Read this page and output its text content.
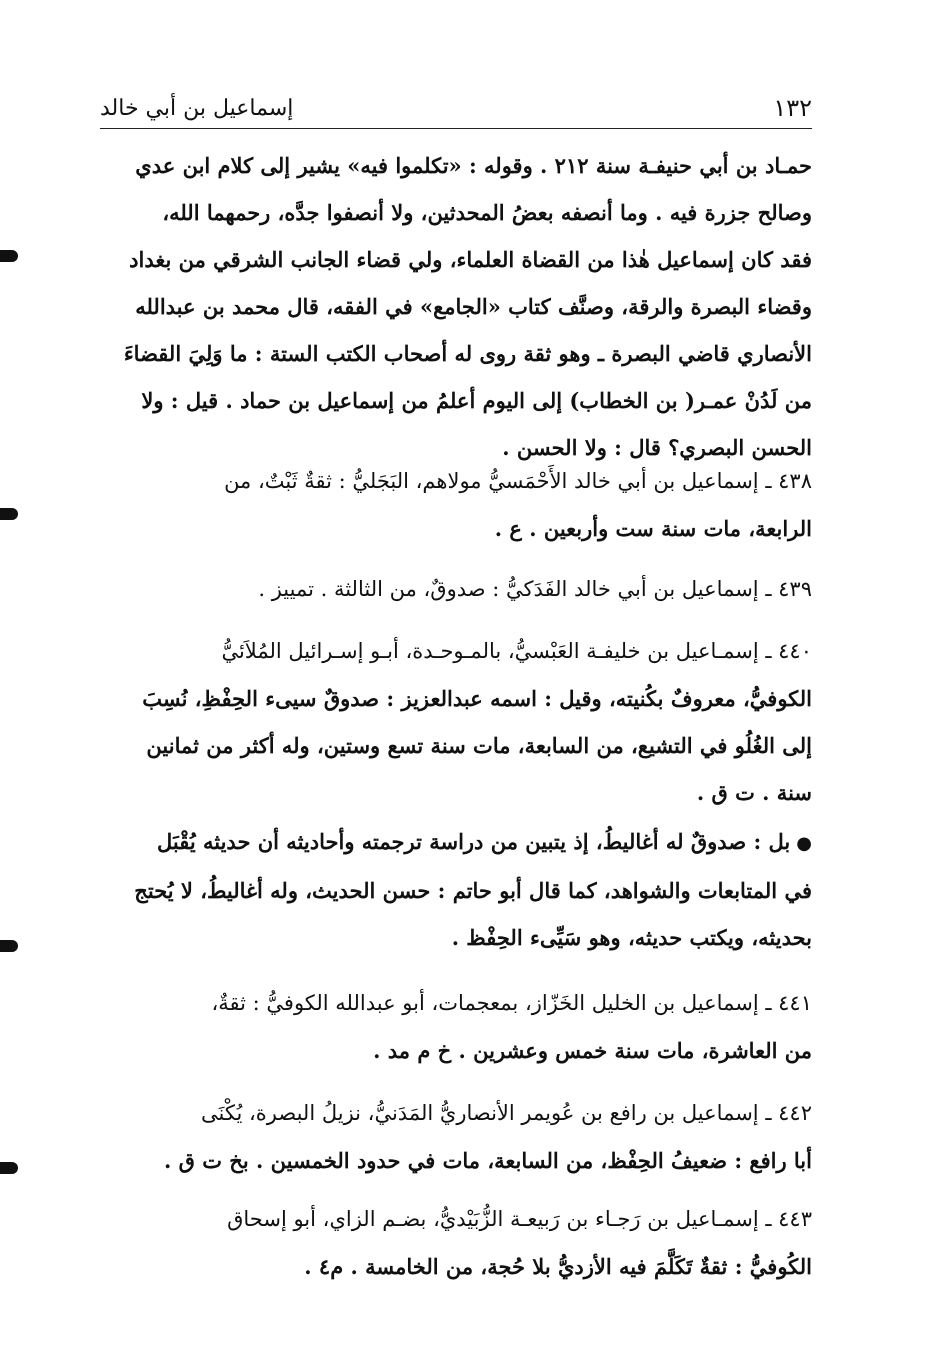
١٣٢
إسماعيل بن أبي خالد
حمـاد بن أبي حنيفـة سنة ٢١٢ . وقوله : «تكلموا فيه» يشير إلى كلام ابن عدي
وصالح جزرة فيه . وما أنصفه بعضُ المحدثين، ولا أنصفوا جدَّه، رحمهما الله،
فقد كان إسماعيل هٰذا من القضاة العلماء، ولي قضاء الجانب الشرقي من بغداد
وقضاء البصرة والرقة، وصنَّف كتاب «الجامع» في الفقه، قال محمد بن عبدالله
الأنصاري قاضي البصرة ـ وهو ثقة روى له أصحاب الكتب الستة : ما وَلِيَ القضاءَ
من لَدُنْ عمـر( بن الخطاب) إلى اليوم أعلمُ من إسماعيل بن حماد . قيل : ولا
الحسن البصري؟ قال : ولا الحسن .
٤٣٨ ـ إسماعيل بن أبي خالد الأَحْمَسيُّ مولاهم، البَجَليُّ : ثقةٌ ثَبْتٌ، من
الرابعة، مات سنة ست وأربعين . ع .
٤٣٩ ـ إسماعيل بن أبي خالد الفَدَكيُّ : صدوقٌ، من الثالثة . تمييز .
٤٤٠ ـ إسمـاعيل بن خليفـة العَبْسيُّ، بالمـوحـدة، أبـو إسـرائيل المُلاَئيُّ
الكوفيُّ، معروفٌ بكُنيته، وقيل : اسمه عبدالعزيز : صدوقٌ سيىء الحِفْظِ، نُسِبَ
إلى الغُلُو في التشيع، من السابعة، مات سنة تسع وستين، وله أكثر من ثمانين
سنة . ت ق .
●بل : صدوقٌ له أغاليطُ، إذ يتبين من دراسة ترجمته وأحاديثه أن حديثه يُقْبَل
في المتابعات والشواهد، كما قال أبو حاتم : حسن الحديث، وله أغاليطُ، لا يُحتج
بحديثه، ويكتب حديثه، وهو سَيِّىء الحِفْظ .
٤٤١ ـ إسماعيل بن الخليل الخَزّاز، بمعجمات، أبو عبدالله الكوفيُّ : ثقةٌ،
من العاشرة، مات سنة خمس وعشرين . خ م مد .
٤٤٢ ـ إسماعيل بن رافع بن عُويمر الأنصاريُّ المَدَنيُّ، نزيلُ البصرة، يُكْنَى
أبا رافع : ضعيفُ الحِفْظ، من السابعة، مات في حدود الخمسين . بخ ت ق .
٤٤٣ ـ إسمـاعيل بن رَجـاء بن رَبيعـة الزُّبَيْديُّ، بضـم الزاي، أبو إسحاق
الكُوفيُّ : ثقةٌ تَكَلَّمَ فيه الأزديُّ بلا حُجة، من الخامسة . م٤ .
